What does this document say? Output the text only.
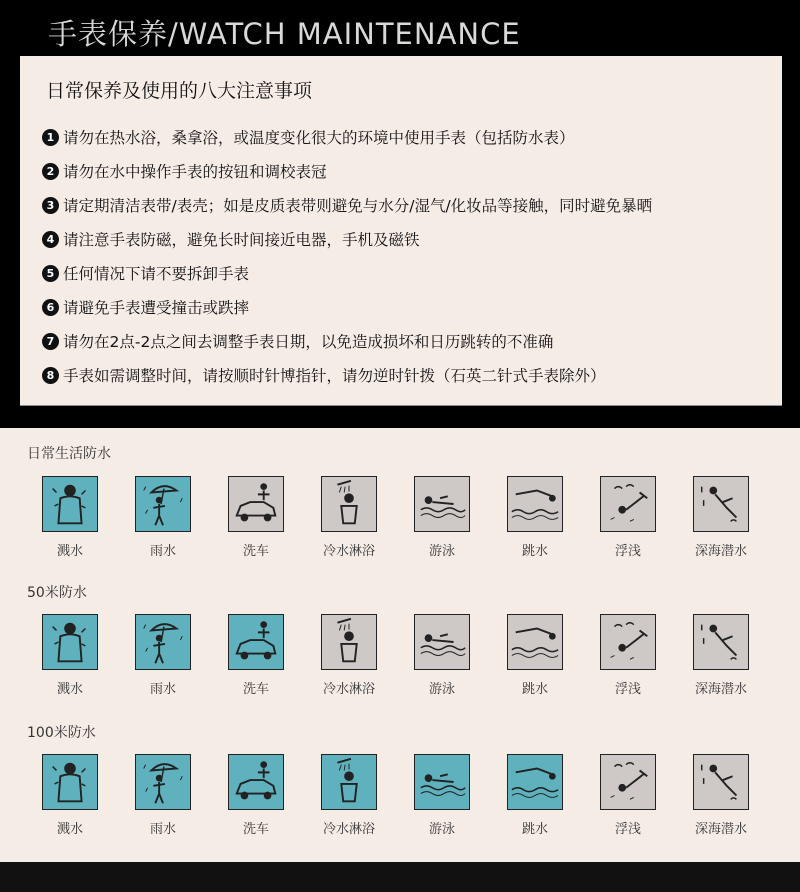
手表保养/WATCH MAINTENANCE
日常保养及使用的八大注意事项
1 请勿在热水浴，桑拿浴，或温度变化很大的环境中使用手表（包括防水表）
2 请勿在水中操作手表的按钮和调校表冠
3 请定期清洁表带/表壳；如是皮质表带则避免与水分/湿气/化妆品等接触，同时避免暴晒
4 请注意手表防磁，避免长时间接近电器，手机及磁铁
5 任何情况下请不要拆卸手表
6 请避免手表遭受撞击或跌摔
7 请勿在2点-2点之间去调整手表日期，以免造成损坏和日历跳转的不准确
8 手表如需调整时间，请按顺时针博指针，请勿逆时针拨（石英二针式手表除外）
日常生活防水
溅水	雨水	洗车	冷水淋浴	游泳	跳水	浮浅	深海潜水
50米防水
溅水	雨水	洗车	冷水淋浴	游泳	跳水	浮浅	深海潜水
100米防水
溅水	雨水	洗车	冷水淋浴	游泳	跳水	浮浅	深海潜水
